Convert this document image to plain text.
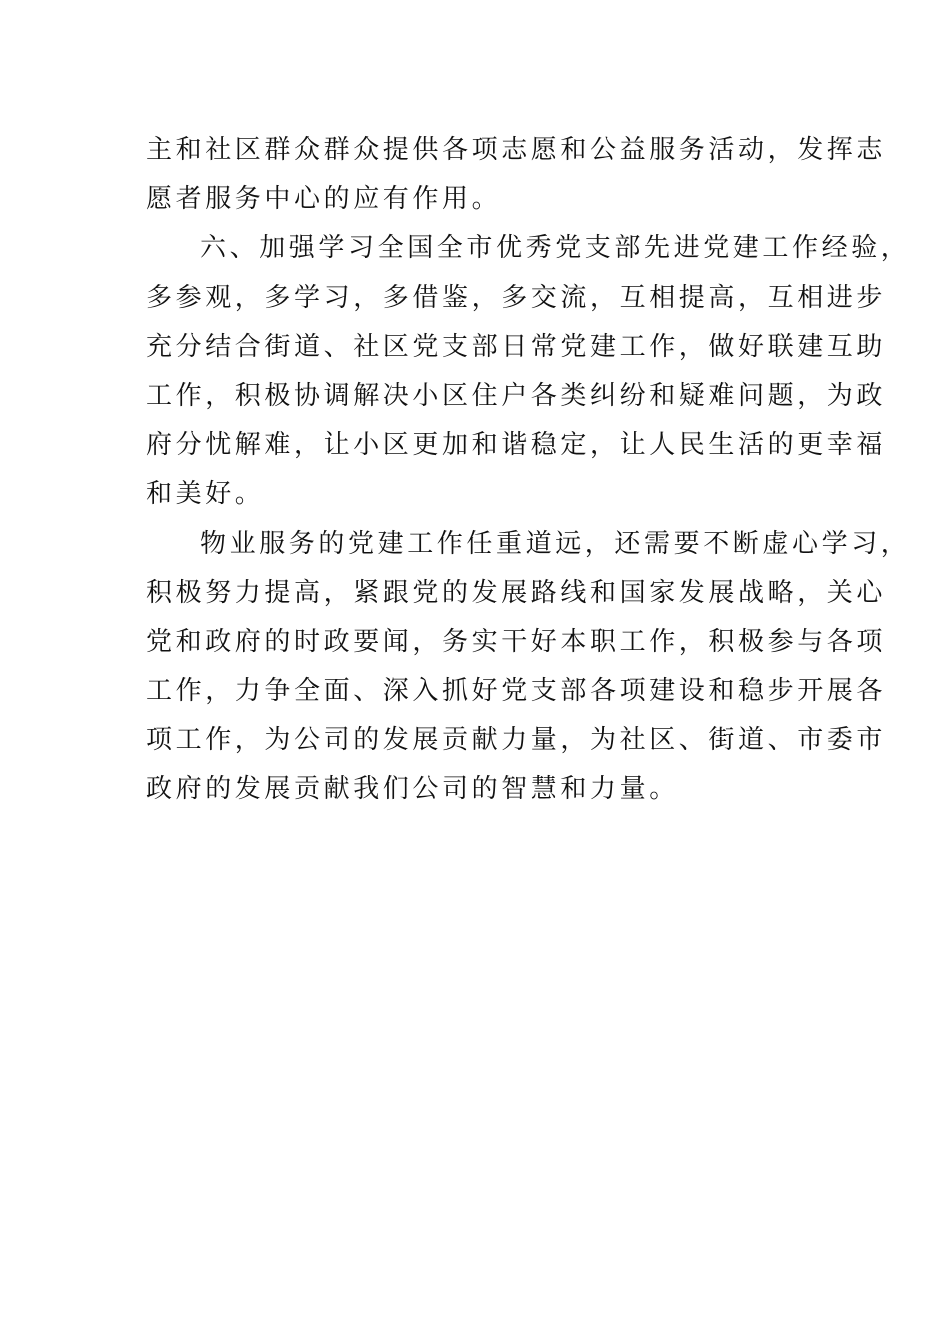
主和社区群众群众提供各项志愿和公益服务活动，发挥志
愿者服务中心的应有作用。
六、加强学习全国全市优秀党支部先进党建工作经验，
多参观，多学习，多借鉴，多交流，互相提高，互相进步
充分结合街道、社区党支部日常党建工作，做好联建互助
工作，积极协调解决小区住户各类纠纷和疑难问题，为政
府分忧解难，让小区更加和谐稳定，让人民生活的更幸福
和美好。
物业服务的党建工作任重道远，还需要不断虚心学习，
积极努力提高，紧跟党的发展路线和国家发展战略，关心
党和政府的时政要闻，务实干好本职工作，积极参与各项
工作，力争全面、深入抓好党支部各项建设和稳步开展各
项工作，为公司的发展贡献力量，为社区、街道、市委市
政府的发展贡献我们公司的智慧和力量。
